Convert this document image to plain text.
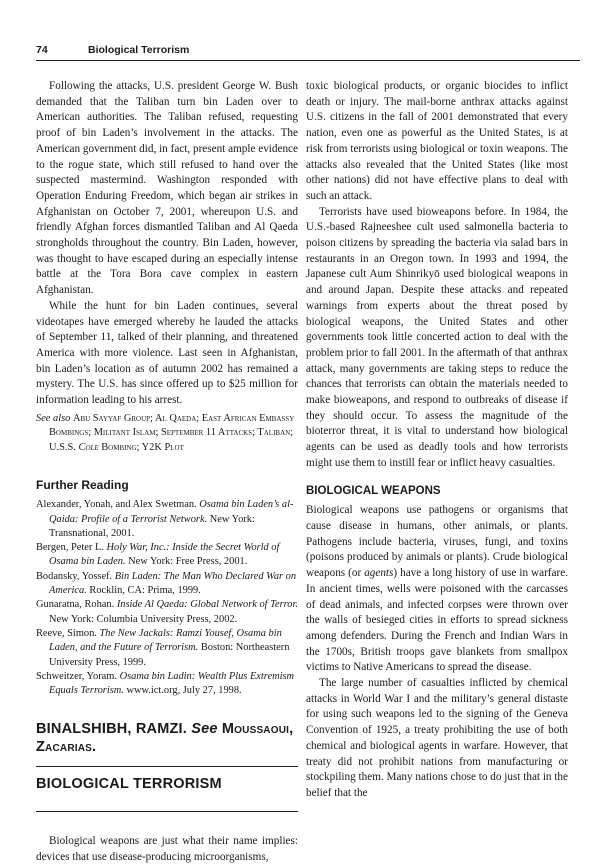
74	Biological Terrorism

Following the attacks, U.S. president George W. Bush demanded that the Taliban turn bin Laden over to American authorities. The Taliban refused, requesting proof of bin Laden’s involvement in the attacks. The American government did, in fact, present ample evidence to the rogue state, which still refused to hand over the suspected mastermind. Washington responded with Operation Enduring Freedom, which began air strikes in Afghanistan on October 7, 2001, whereupon U.S. and friendly Afghan forces dismantled Taliban and Al Qaeda strongholds throughout the country. Bin Laden, however, was thought to have escaped during an especially intense battle at the Tora Bora cave complex in eastern Afghanistan.

While the hunt for bin Laden continues, several videotapes have emerged whereby he lauded the attacks of September 11, talked of their planning, and threatened America with more violence. Last seen in Afghanistan, bin Laden’s location as of autumn 2002 has remained a mystery. The U.S. has since offered up to $25 million for information leading to his arrest.

See also Abu Sayyaf Group; Al Qaeda; East African Embassy Bombings; Militant Islam; September 11 Attacks; Taliban; U.S.S. Cole Bombing; Y2K Plot

Further Reading

Alexander, Yonah, and Alex Swetman. Osama bin Laden’s al-Qaida: Profile of a Terrorist Network. New York: Transnational, 2001.

Bergen, Peter L. Holy War, Inc.: Inside the Secret World of Osama bin Laden. New York: Free Press, 2001.

Bodansky, Yossef. Bin Laden: The Man Who Declared War on America. Rocklin, CA: Prima, 1999.

Gunaratna, Rohan. Inside Al Qaeda: Global Network of Terror. New York: Columbia University Press, 2002.

Reeve, Simon. The New Jackals: Ramzi Yousef, Osama bin Laden, and the Future of Terrorism. Boston: Northeastern University Press, 1999.

Schweitzer, Yoram. Osama bin Ladin: Wealth Plus Extremism Equals Terrorism. www.ict.org, July 27, 1998.

BINALSHIBH, RAMZI. See Moussaoui, Zacarias.
BIOLOGICAL TERRORISM

Biological weapons are just what their name implies: devices that use disease-producing microorganisms,

toxic biological products, or organic biocides to inflict death or injury. The mail-borne anthrax attacks against U.S. citizens in the fall of 2001 demonstrated that every nation, even one as powerful as the United States, is at risk from terrorists using biological or toxin weapons. The attacks also revealed that the United States (like most other nations) did not have effective plans to deal with such an attack.

Terrorists have used bioweapons before. In 1984, the U.S.-based Rajneeshee cult used salmonella bacteria to poison citizens by spreading the bacteria via salad bars in restaurants in an Oregon town. In 1993 and 1994, the Japanese cult Aum Shinrikyō used biological weapons in and around Japan. Despite these attacks and repeated warnings from experts about the threat posed by biological weapons, the United States and other governments took little concerted action to deal with the problem prior to fall 2001. In the aftermath of that anthrax attack, many governments are taking steps to reduce the chances that terrorists can obtain the materials needed to make bioweapons, and respond to outbreaks of disease if they should occur. To assess the magnitude of the bioterror threat, it is vital to understand how biological agents can be used as deadly tools and how terrorists might use them to instill fear or inflict heavy casualties.

BIOLOGICAL WEAPONS

Biological weapons use pathogens or organisms that cause disease in humans, other animals, or plants. Pathogens include bacteria, viruses, fungi, and toxins (poisons produced by animals or plants). Crude biological weapons (or agents) have a long history of use in warfare. In ancient times, wells were poisoned with the carcasses of dead animals, and infected corpses were thrown over the walls of besieged cities in efforts to spread sickness among defenders. During the French and Indian Wars in the 1700s, British troops gave blankets from smallpox victims to Native Americans to spread the disease.

The large number of casualties inflicted by chemical attacks in World War I and the military’s general distaste for using such weapons led to the signing of the Geneva Convention of 1925, a treaty prohibiting the use of both chemical and biological agents in warfare. However, that treaty did not prohibit nations from manufacturing or stockpiling them. Many nations chose to do just that in the belief that the
